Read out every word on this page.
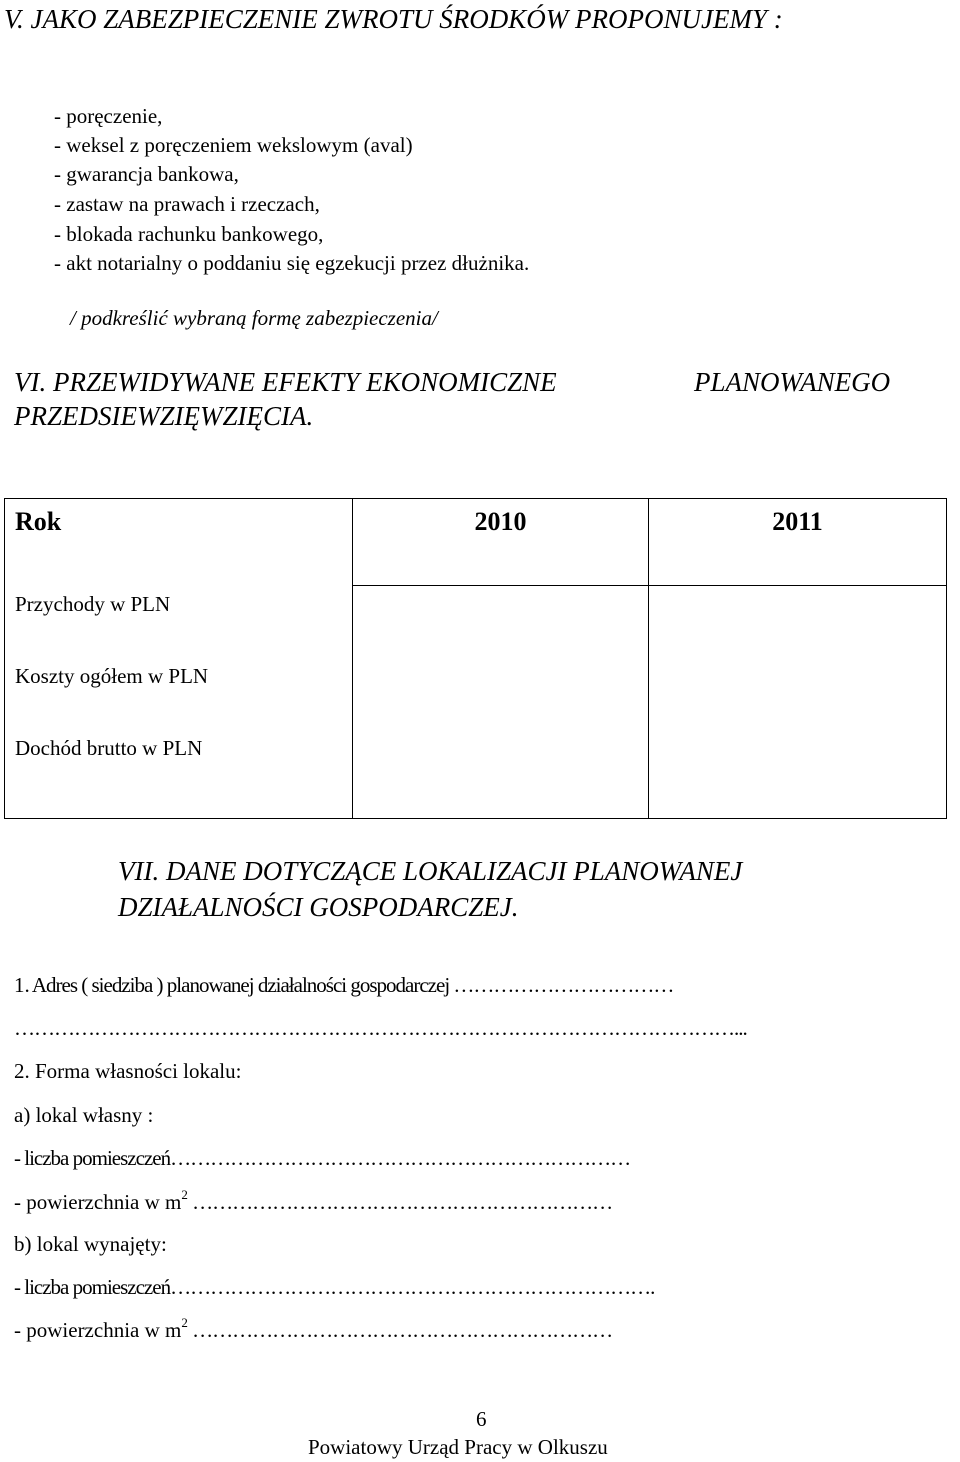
V. JAKO ZABEZPIECZENIE ZWROTU ŚRODKÓW PROPONUJEMY :
- poręczenie,
- weksel z poręczeniem wekslowym (aval)
- gwarancja bankowa,
- zastaw na prawach i rzeczach,
- blokada rachunku bankowego,
- akt notarialny o poddaniu się egzekucji przez dłużnika.
/ podkreślić wybraną formę zabezpieczenia/
VI. PRZEWIDYWANE EFEKTY EKONOMICZNE	PLANOWANEGO
PRZEDSIEWZIĘWZIĘCIA.
Rok	2010	2011
Przychody w PLN		
Koszty ogółem w PLN		
Dochód brutto w PLN		
VII. DANE DOTYCZĄCE LOKALIZACJI PLANOWANEJ
DZIAŁALNOŚCI GOSPODARCZEJ.
1. Adres ( siedziba ) planowanej działalności gospodarczej ……………………………
………………………………………………………………………………………………...
2. Forma własności lokalu:
a) lokal własny :
- liczba pomieszczeń……………………………………………………………
- powierzchnia w $m^2$ ………………………………………………………
b) lokal wynajęty:
- liczba pomieszczeń……………………………………………………………….
- powierzchnia w $m^2$ ………………………………………………………
6
Powiatowy Urząd Pracy w Olkuszu
